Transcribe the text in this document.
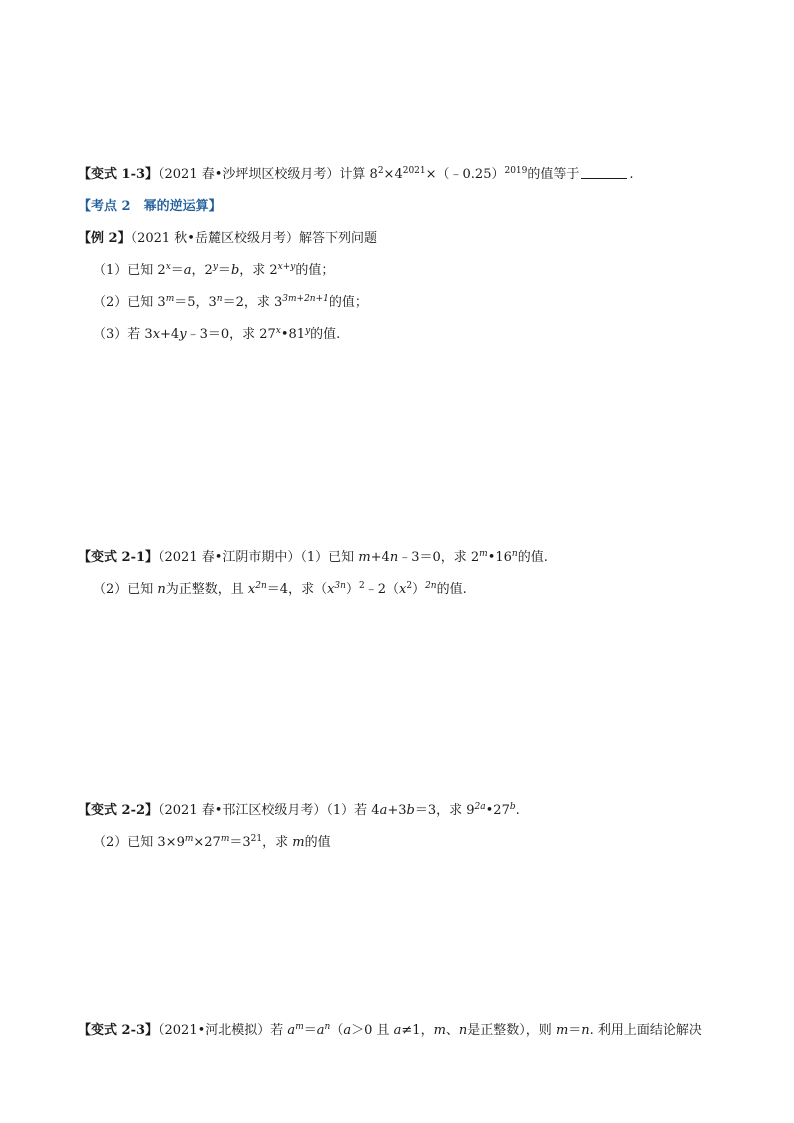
【变式 1-3】（2021 春•沙坪坝区校级月考）计算 $8^2\times 4^{2021}\times(﹣0.25)^{2019}$的值等于	.
【考点 2　幂的逆运算】
【例 2】（2021 秋•岳麓区校级月考）解答下列问题
（1）已知 $2^x=a$，$2^y=b$，求 $2^{x+y}$的值；
（2）已知 $3^m=5$，$3^n=2$，求 $3^{3m+2n+1}$的值；
（3）若 3x+4y﹣3＝0，求 27$^x$•81$^y$的值.
【变式 2-1】（2021 春•江阴市期中）（1）已知 m+4n﹣3＝0，求 2$^m$•16$^n$的值.
（2）已知 n为正整数，且 $x^{2n}=4$，求$(x^{3n})^2﹣2(x^2)^{2n}$的值.
【变式 2-2】（2021 春•邗江区校级月考）（1）若 4a+3b＝3，求 $9^{2a}•27^b$.
（2）已知 $3\times 9^m\times 27^m=3^{21}$，求 m的值
【变式 2-3】（2021•河北模拟）若 $a^m=a^n(a>0$ 且 a≠1，m、n是正整数），则 m＝n. 利用上面结论解决
